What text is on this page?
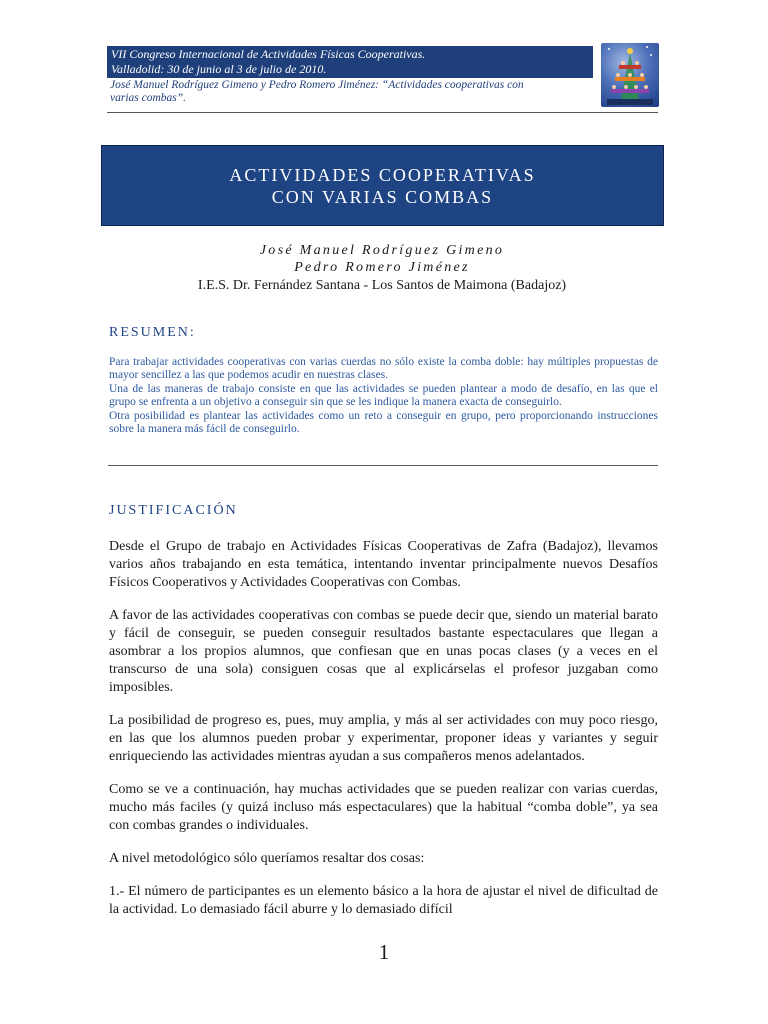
VII Congreso Internacional de Actividades Físicas Cooperativas.
Valladolid: 30 de junio al 3 de julio de 2010.
José Manuel Rodríguez Gimeno y Pedro Romero Jiménez: “Actividades cooperativas con
varias combas”.
ACTIVIDADES COOPERATIVAS
CON VARIAS COMBAS
José Manuel Rodríguez Gimeno
Pedro Romero Jiménez
I.E.S. Dr. Fernández Santana - Los Santos de Maimona (Badajoz)
RESUMEN:

Para trabajar actividades cooperativas con varias cuerdas no sólo existe la comba doble: hay múltiples propuestas de mayor sencillez a las que podemos acudir en nuestras clases.

Una de las maneras de trabajo consiste en que las actividades se pueden plantear a modo de desafío, en las que el grupo se enfrenta a un objetivo a conseguir sin que se les indique la manera exacta de conseguirlo.

Otra posibilidad es plantear las actividades como un reto a conseguir en grupo, pero proporcionando instrucciones sobre la manera más fácil de conseguirlo.

JUSTIFICACIÓN

Desde el Grupo de trabajo en Actividades Físicas Cooperativas de Zafra (Badajoz), llevamos varios años trabajando en esta temática, intentando inventar principalmente nuevos Desafíos Físicos Cooperativos y Actividades Cooperativas con Combas.

A favor de las actividades cooperativas con combas se puede decir que, siendo un material barato y fácil de conseguir, se pueden conseguir resultados bastante espectaculares que llegan a asombrar a los propios alumnos, que confiesan que en unas pocas clases (y a veces en el transcurso de una sola) consiguen cosas que al explicárselas el profesor juzgaban como imposibles.

La posibilidad de progreso es, pues, muy amplia, y más al ser actividades con muy poco riesgo, en las que los alumnos pueden probar y experimentar, proponer ideas y variantes y seguir enriqueciendo las actividades mientras ayudan a sus compañeros menos adelantados.

Como se ve a continuación, hay muchas actividades que se pueden realizar con varias cuerdas, mucho más faciles (y quizá incluso más espectaculares) que la habitual “comba doble”, ya sea con combas grandes o individuales.

A nivel metodológico sólo queríamos resaltar dos cosas:

1.- El número de participantes es un elemento básico a la hora de ajustar el nivel de dificultad de la actividad. Lo demasiado fácil aburre y lo demasiado difícil

1
